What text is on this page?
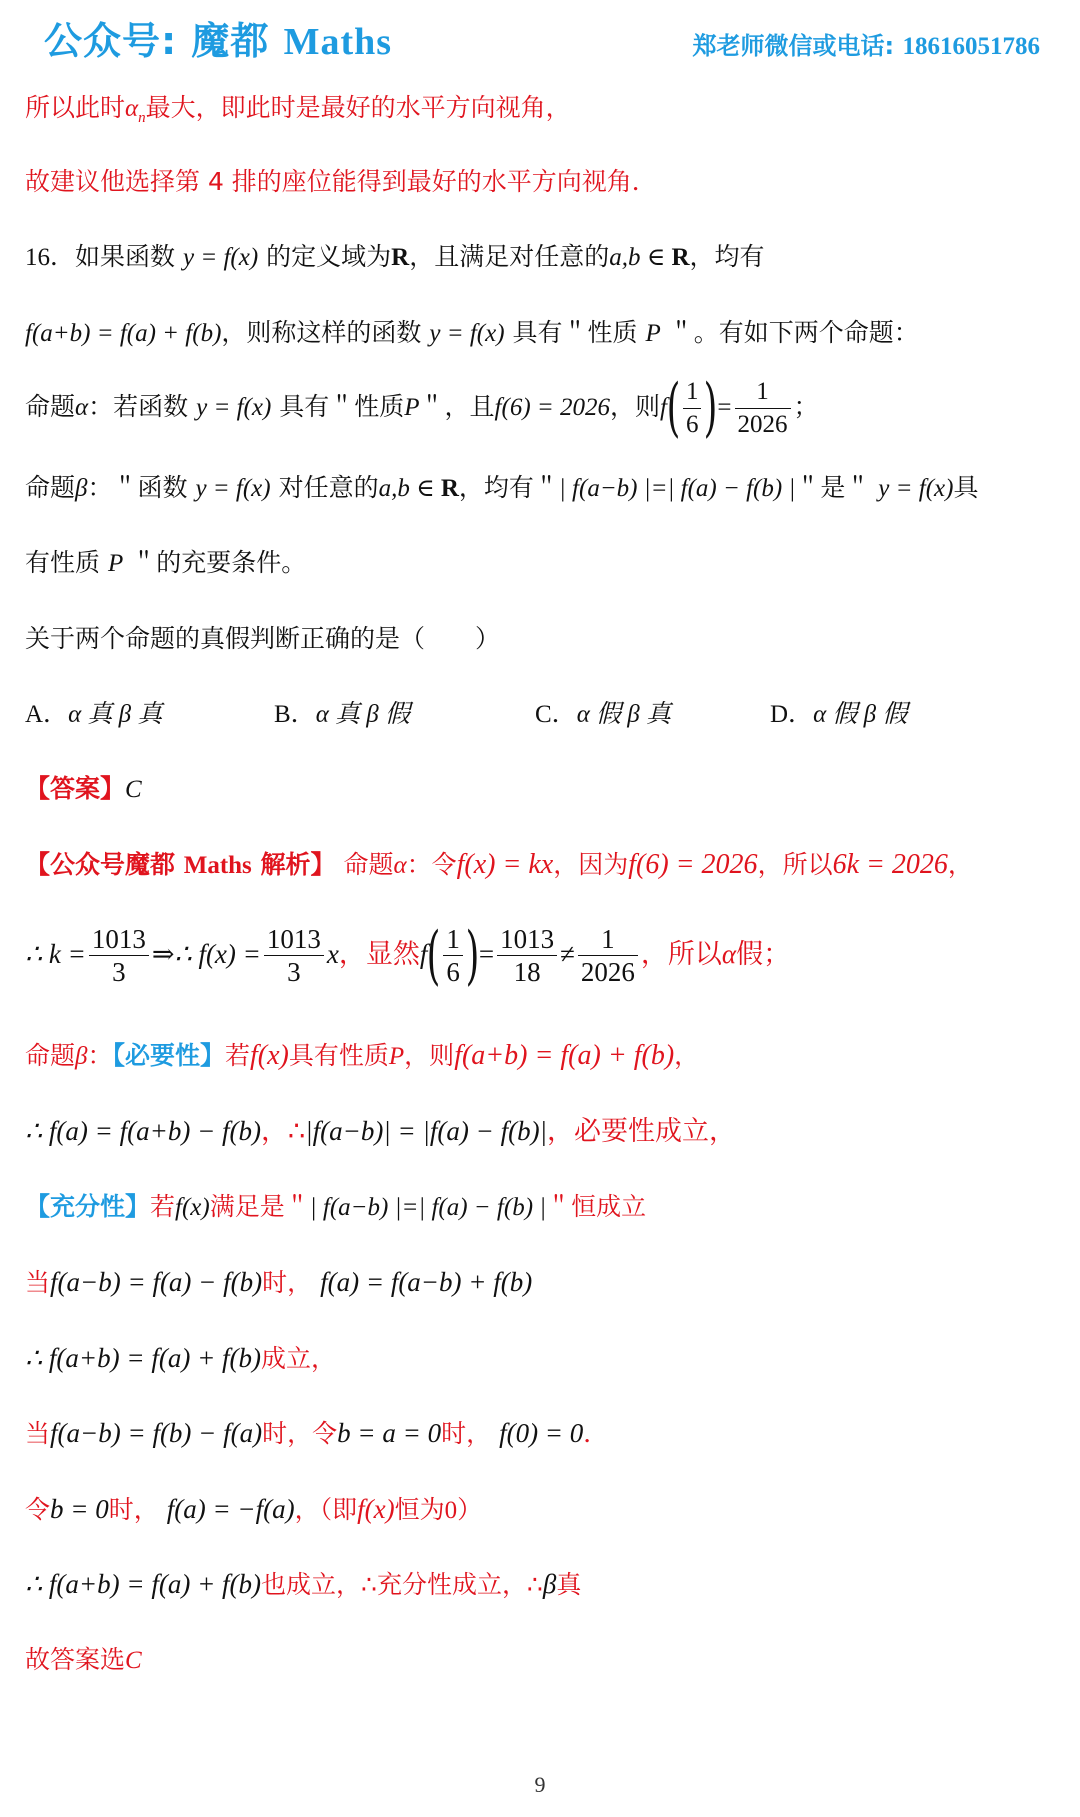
公众号: 魔都 Maths	郑老师微信或电话: 18616051786
所以此时$\alpha_n$最大，即此时是最好的水平方向视角，
故建议他选择第 4 排的座位能得到最好的水平方向视角．
16．如果函数 y = f(x) 的定义域为R，且满足对任意的a,b ∈ R，均有
f(a+b) = f(a) + f(b)，则称这样的函数 y = f(x) 具有＂性质 P ＂。有如下两个命题：
命题α：若函数 y = f(x) 具有＂性质P＂，且f(6) = 2026，则$f( \frac{1}{6}$ )= $\frac{1}{2026}$ ；
命题β：＂函数 y = f(x) 对任意的a,b ∈ R，均有＂| f(a−b) |=| f(a) − f(b) |＂是＂ y = f(x)具
有性质 P ＂的充要条件。
关于两个命题的真假判断正确的是（　　）
A．α 真 β 真	B．α 真 β 假	C．α 假 β 真	D．α 假 β 假
【答案】C
【公众号魔都 Maths 解析】 命题α：令f(x) = kx，因为f(6) = 2026，所以6k = 2026，
∴ $k = \frac{1013}{3}$ ⇒∴ $f(x) = \frac{1013}{3}$ x，显然$f( \frac{1}{6}$ )= $\frac{1013}{18} \ne \frac{1}{2026}$ ，所以α假；
命题β：【必要性】若f(x)具有性质P，则f(a+b) = f(a) + f(b)，
∴ f(a) = f(a+b) − f(b)，∴|f(a−b)| = |f(a) − f(b)|，必要性成立，
【充分性】若f(x)满足是＂| f(a−b) |=| f(a) − f(b) |＂恒成立
当f(a−b) = f(a) − f(b)时， f(a) = f(a−b) + f(b)
∴ f(a+b) = f(a) + f(b)成立，
当f(a−b) = f(b) − f(a)时，令b = a = 0时， f(0) = 0．
令b = 0时， f(a) = −f(a)，（即f(x)恒为0）
∴ f(a+b) = f(a) + f(b)也成立，∴充分性成立，∴β真
故答案选C
9
